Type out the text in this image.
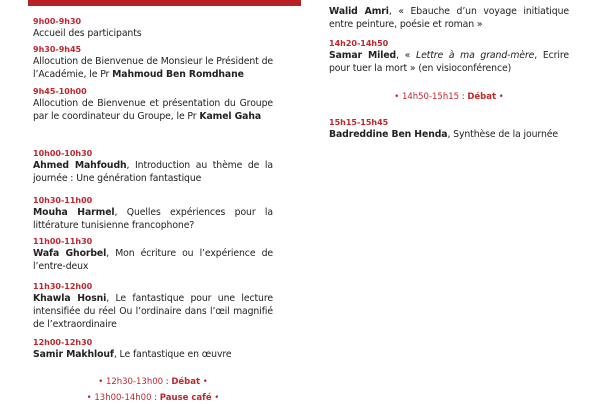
9h00-9h30
Accueil des participants
9h30-9h45
Allocution de Bienvenue de Monsieur le Président de l’Académie, le Pr Mahmoud Ben Romdhane
9h45-10h00
Allocution de Bienvenue et présentation du Groupe par le coordinateur du Groupe, le Pr Kamel Gaha
10h00-10h30
Ahmed Mahfoudh, Introduction au thème de la journée : Une génération fantastique
10h30-11h00
Mouha Harmel, Quelles expériences pour la littérature tunisienne francophone?
11h00-11h30
Wafa Ghorbel, Mon écriture ou l’expérience de l’entre-deux
11h30-12h00
Khawla Hosni, Le fantastique pour une lecture intensifiée du réel Ou l’ordinaire dans l’œil magnifié de l’extraordinaire
12h00-12h30
Samir Makhlouf, Le fantastique en œuvre
• 12h30-13h00 : Débat •
• 13h00-14h00 : Pause café •
Walid Amri, « Ebauche d’un voyage initiatique entre peinture, poésie et roman »
14h20-14h50
Samar Miled, « Lettre à ma grand-mère, Ecrire pour tuer la mort » (en visioconférence)
• 14h50-15h15 : Débat •
15h15-15h45
Badreddine Ben Henda, Synthèse de la journée
